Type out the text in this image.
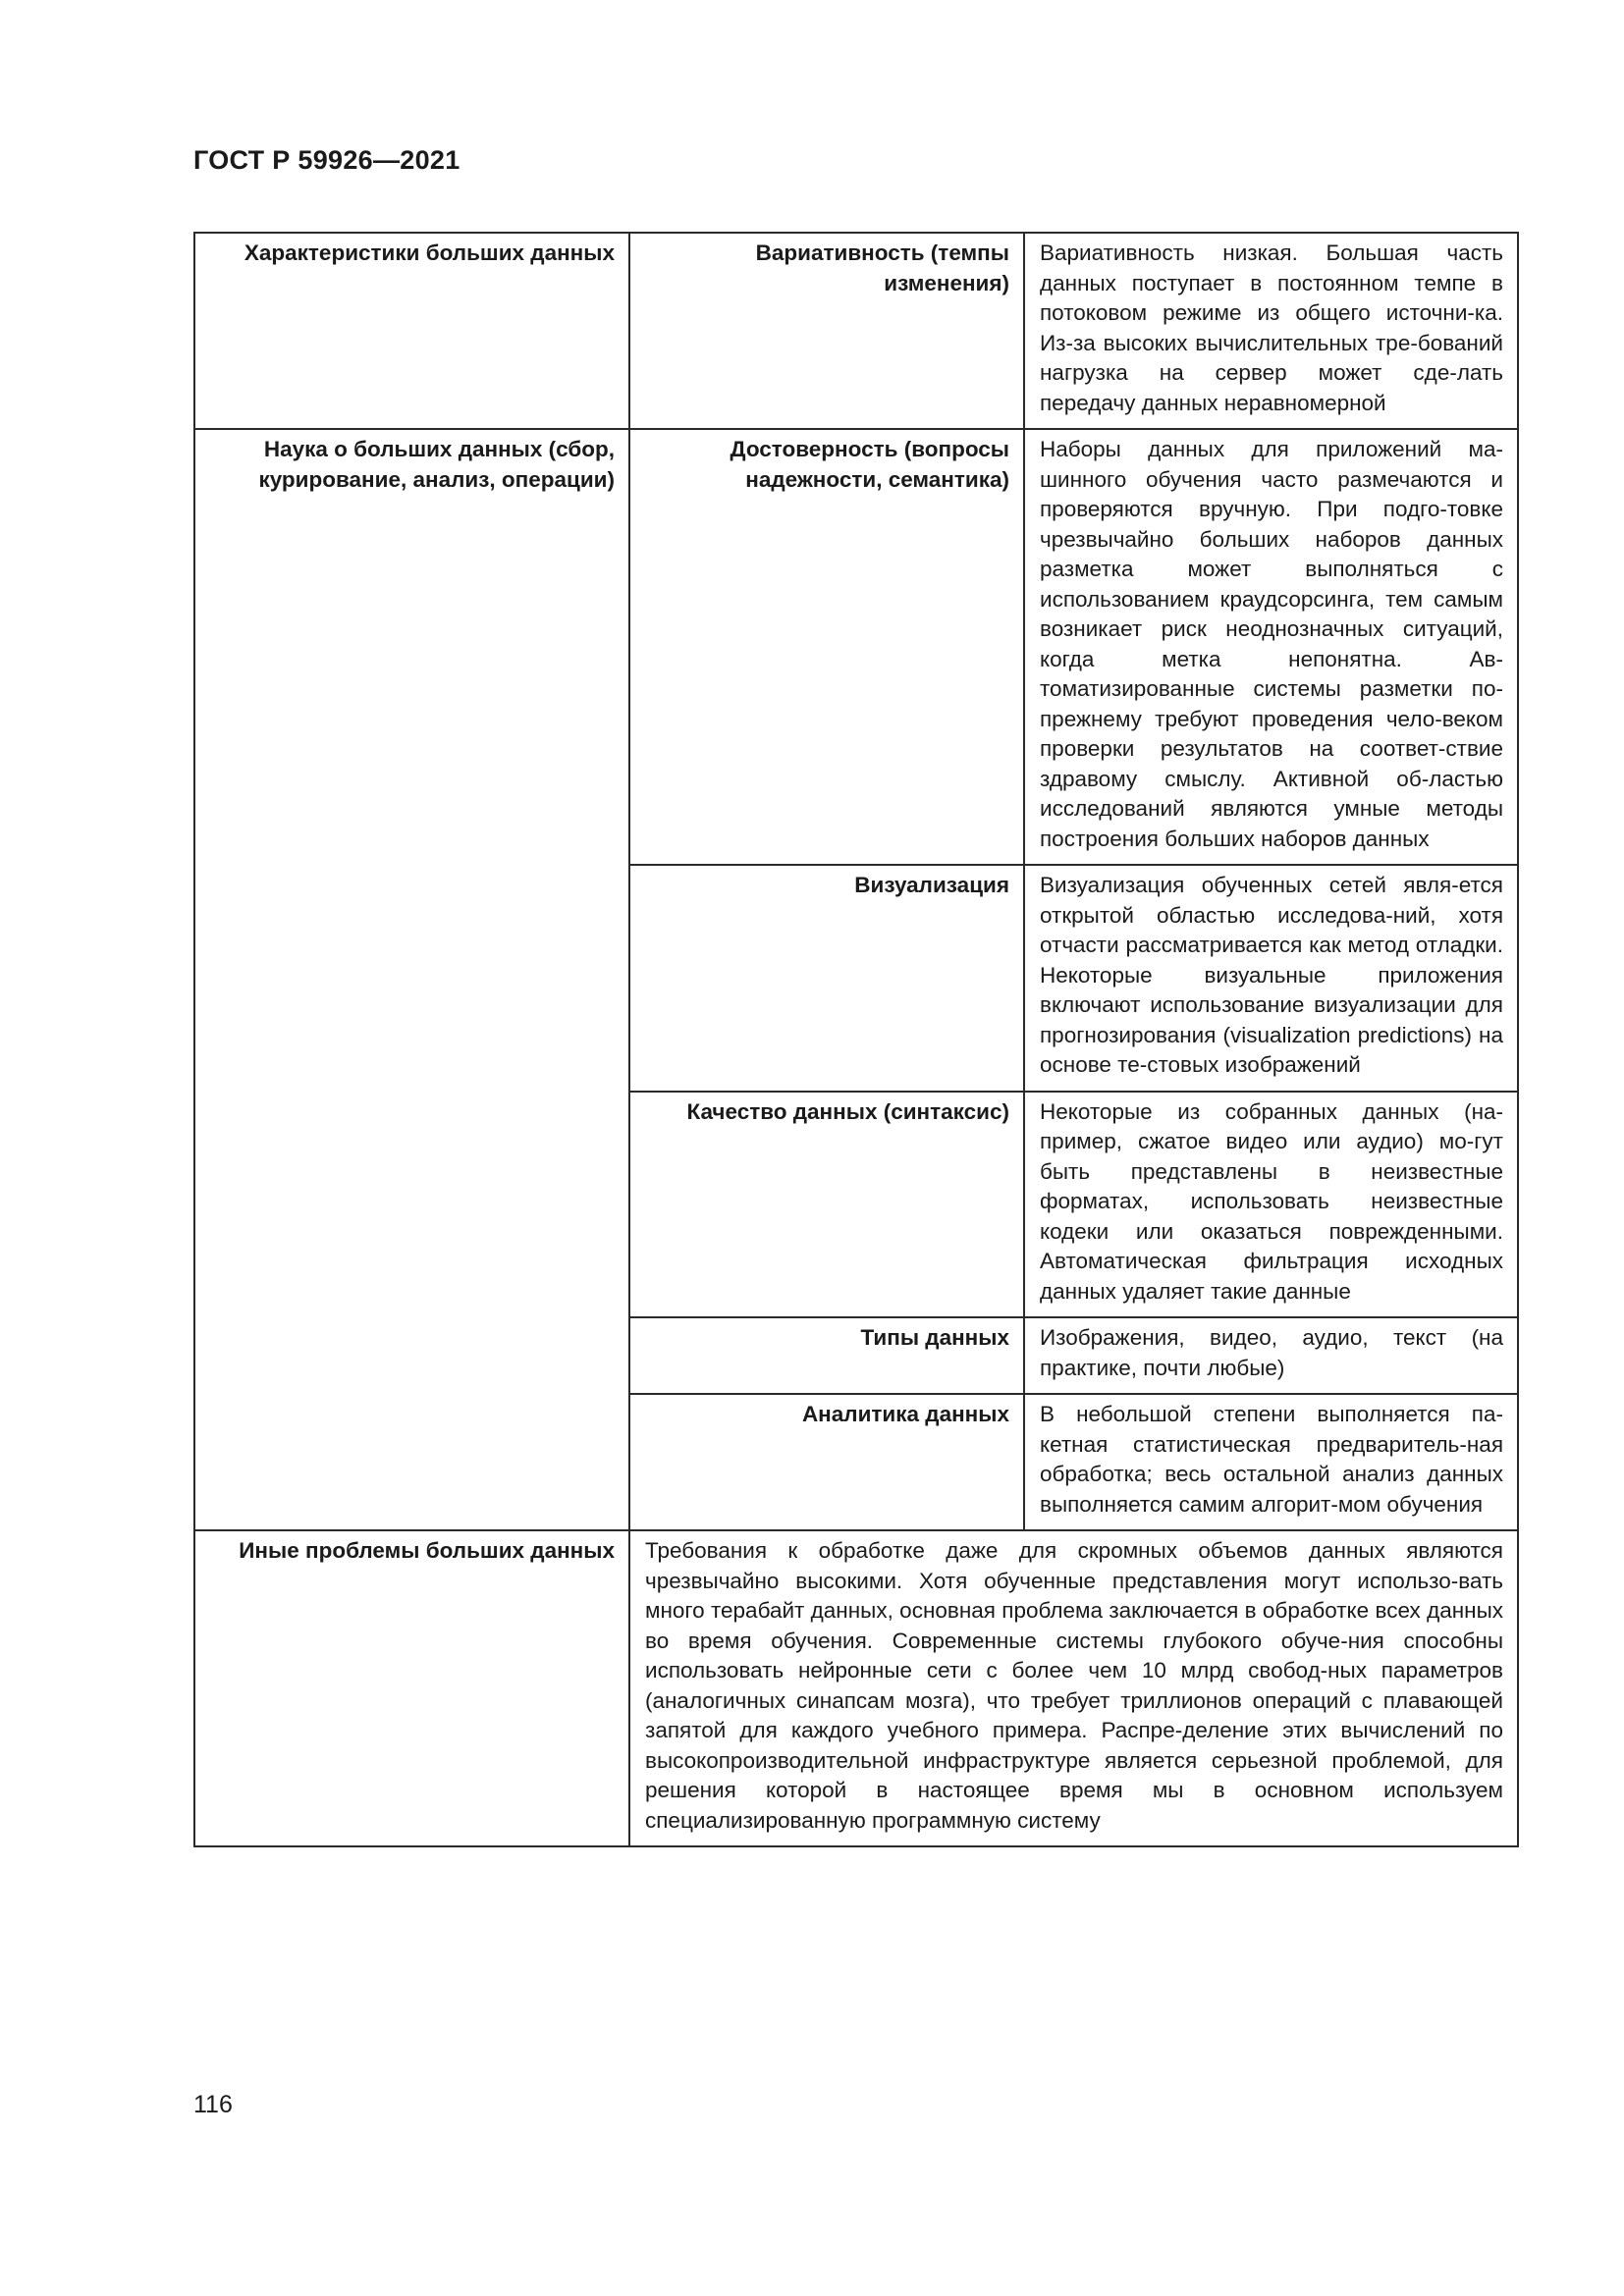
ГОСТ Р 59926—2021
Характеристики больших данных	Вариативность (темпы изменения)	Вариативность низкая. Большая часть данных поступает в постоянном темпе в потоковом режиме из общего источни-ка. Из-за высоких вычислительных тре-бований нагрузка на сервер может сде-лать передачу данных неравномерной
Наука о больших данных (сбор, курирование, анализ, операции)	Достоверность (вопросы надежности, семантика)	Наборы данных для приложений ма-шинного обучения часто размечаются и проверяются вручную. При подго-товке чрезвычайно больших наборов данных разметка может выполняться с использованием краудсорсинга, тем самым возникает риск неоднозначных ситуаций, когда метка непонятна. Ав-томатизированные системы разметки по-прежнему требуют проведения чело-веком проверки результатов на соответ-ствие здравому смыслу. Активной об-ластью исследований являются умные методы построения больших наборов данных
	Визуализация	Визуализация обученных сетей явля-ется открытой областью исследова-ний, хотя отчасти рассматривается как метод отладки. Некоторые визуальные приложения включают использование визуализации для прогнозирования (visualization predictions) на основе те-стовых изображений
	Качество данных (синтаксис)	Некоторые из собранных данных (на-пример, сжатое видео или аудио) мо-гут быть представлены в неизвестные форматах, использовать неизвестные кодеки или оказаться поврежденными. Автоматическая фильтрация исходных данных удаляет такие данные
	Типы данных	Изображения, видео, аудио, текст (на практике, почти любые)
	Аналитика данных	В небольшой степени выполняется па-кетная статистическая предваритель-ная обработка; весь остальной анализ данных выполняется самим алгорит-мом обучения
Иные проблемы больших данных	Требования к обработке даже для скромных объемов данных являются чрезвычайно высокими. Хотя обученные представления могут использо-вать много терабайт данных, основная проблема заключается в обработке всех данных во время обучения. Современные системы глубокого обуче-ния способны использовать нейронные сети с более чем 10 млрд свобод-ных параметров (аналогичных синапсам мозга), что требует триллионов операций с плавающей запятой для каждого учебного примера. Распре-деление этих вычислений по высокопроизводительной инфраструктуре является серьезной проблемой, для решения которой в настоящее время мы в основном используем специализированную программную систему	
116
